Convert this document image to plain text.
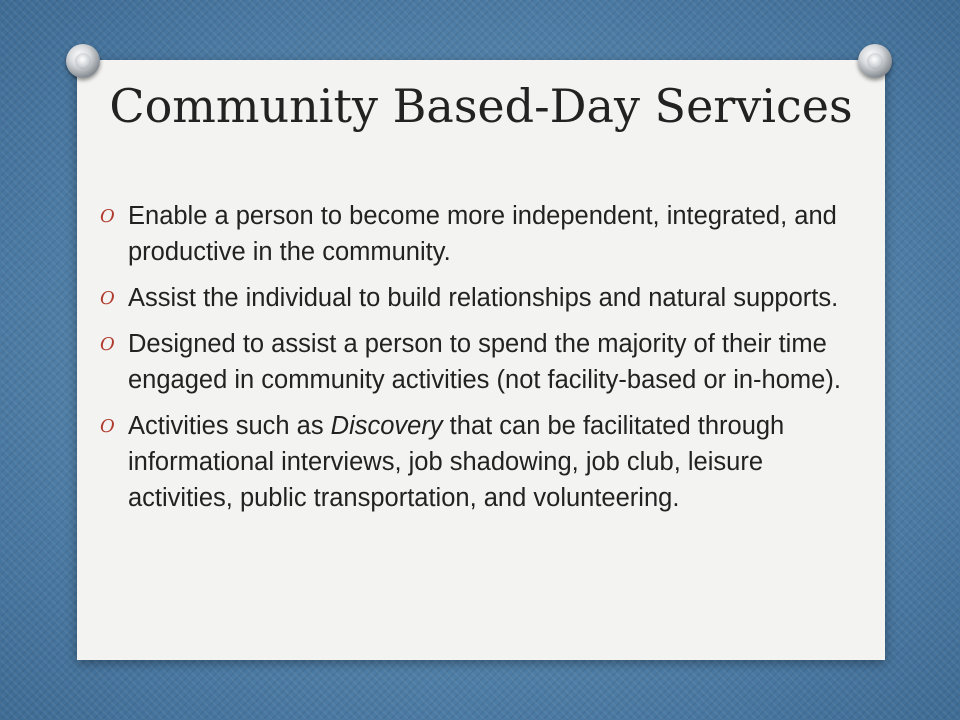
Community Based-Day Services
O Enable a person to become more independent, integrated, and productive in the community.
O Assist the individual to build relationships and natural supports.
O Designed to assist a person to spend the majority of their time engaged in community activities (not facility-based or in-home).
O Activities such as Discovery that can be facilitated through informational interviews, job shadowing, job club, leisure activities, public transportation, and volunteering.
